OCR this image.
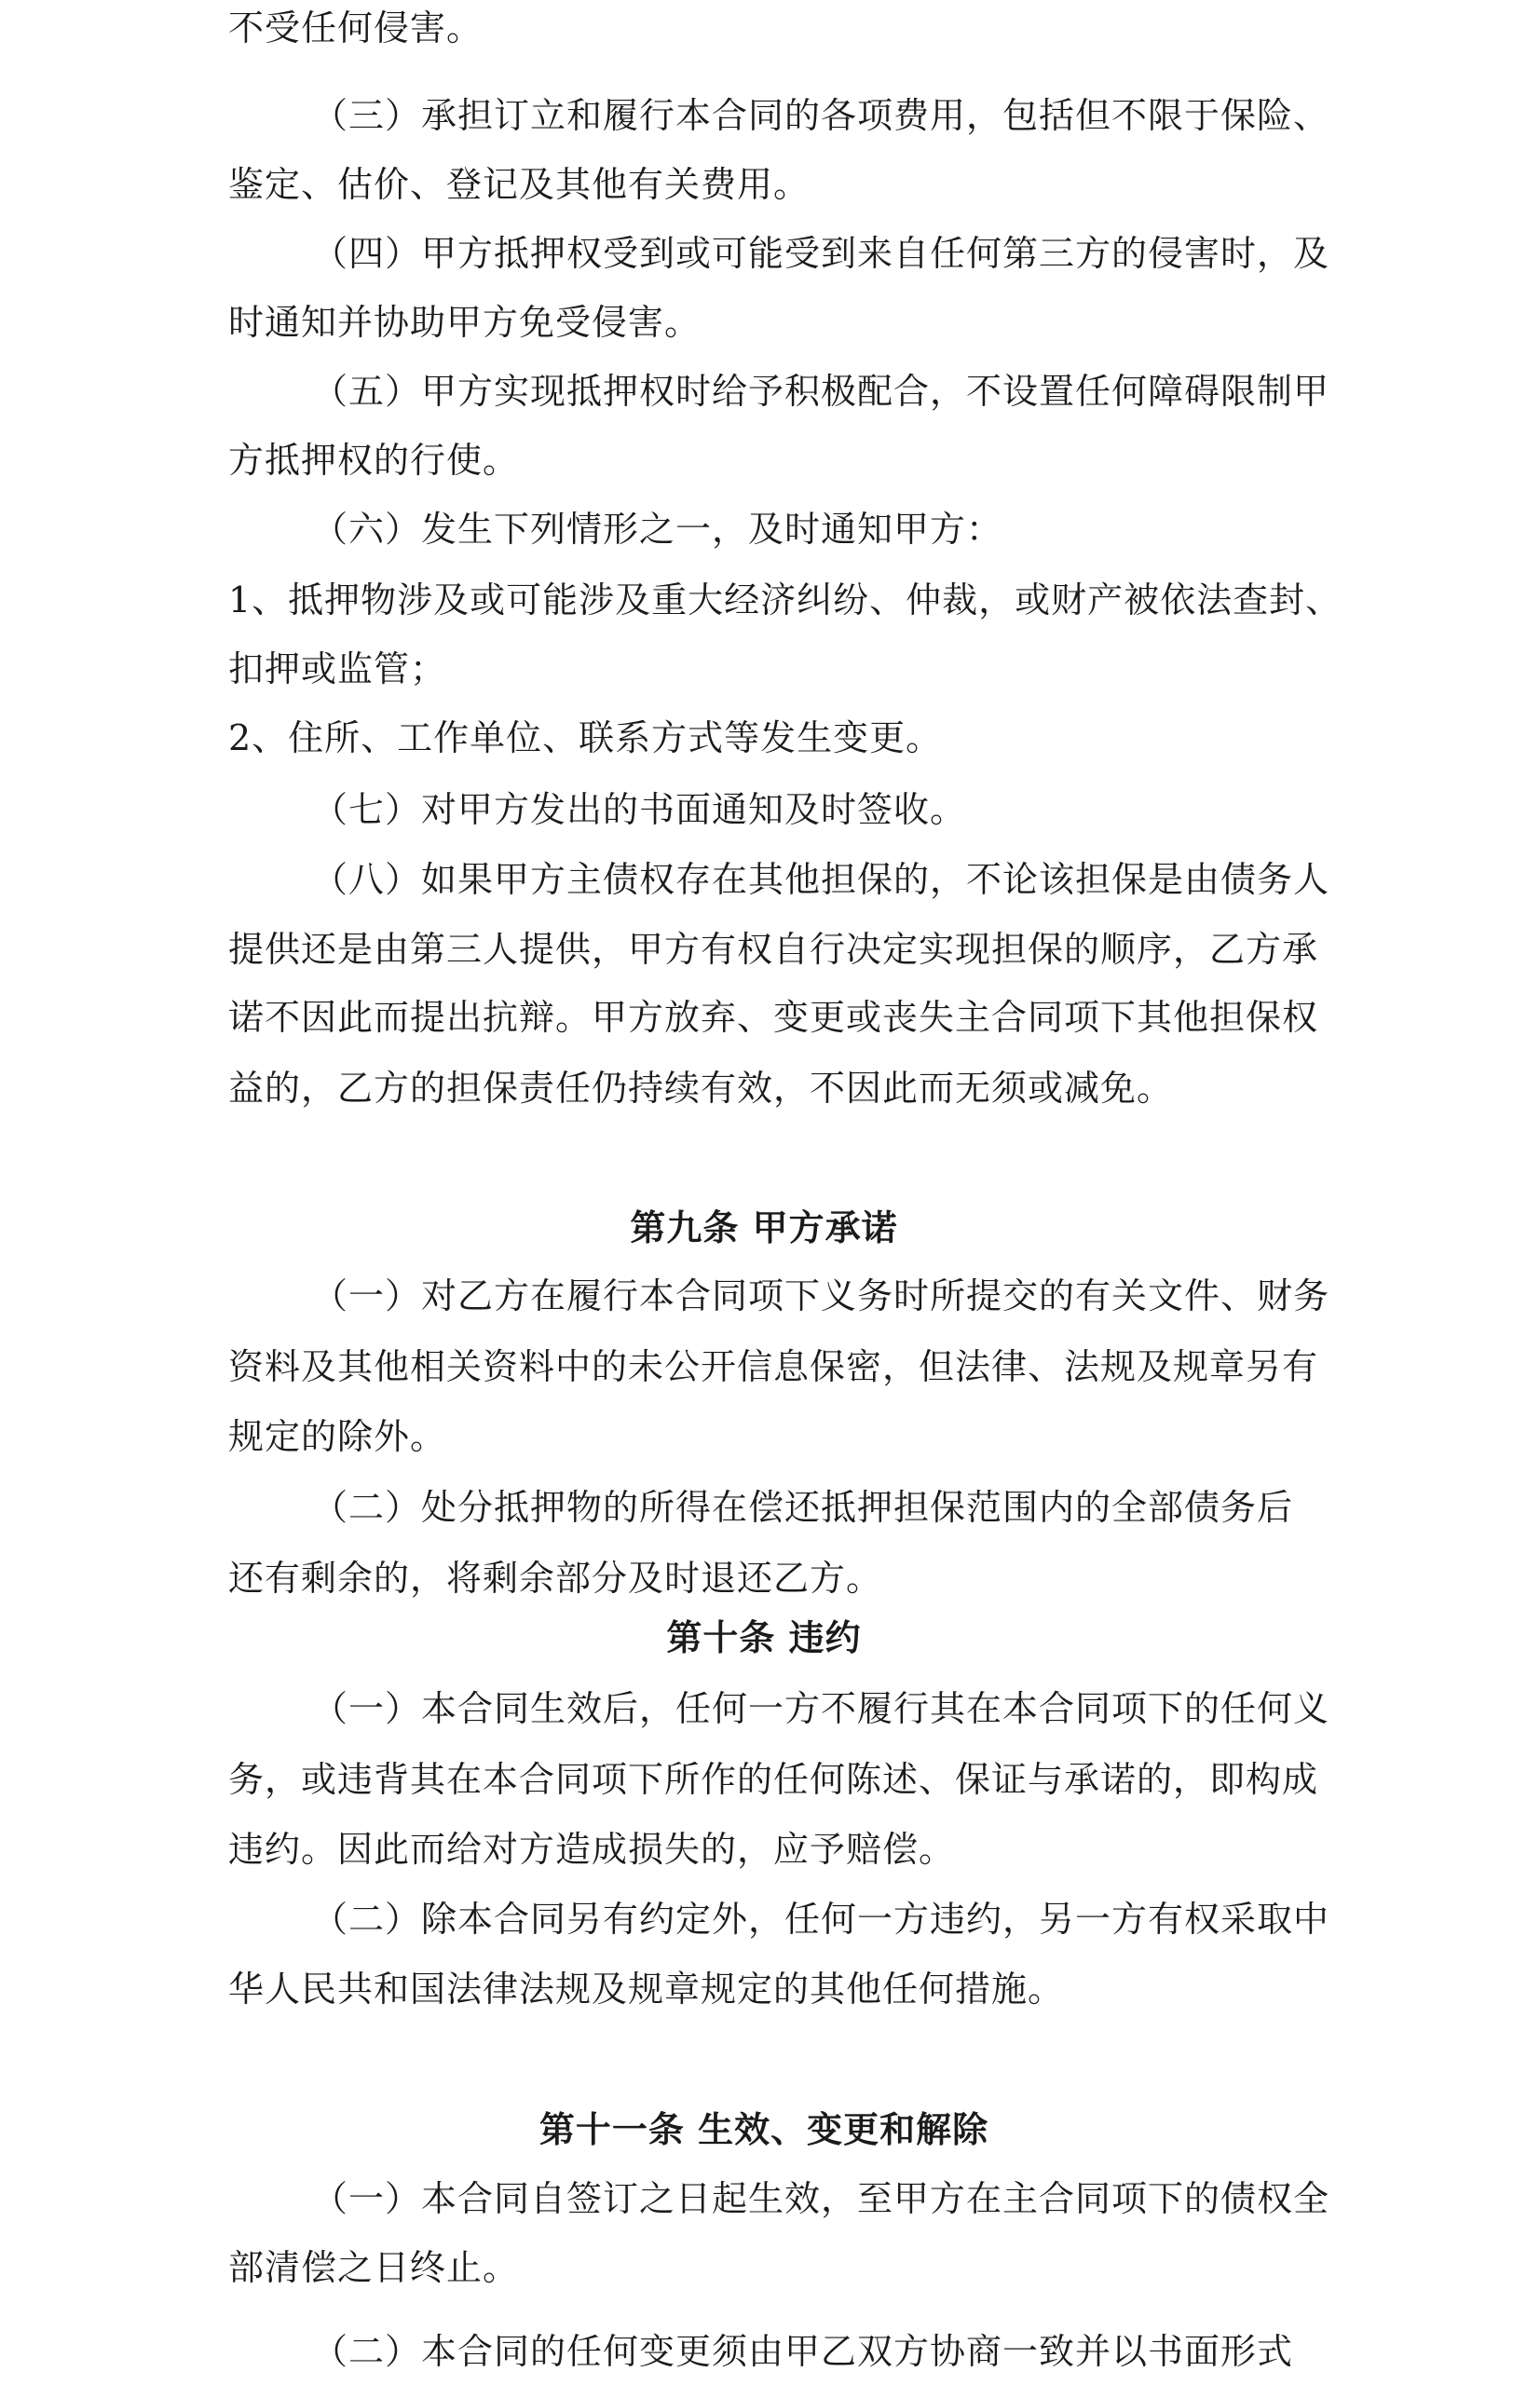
不受任何侵害。
（三）承担订立和履行本合同的各项费用，包括但不限于保险、
鉴定、估价、登记及其他有关费用。
（四）甲方抵押权受到或可能受到来自任何第三方的侵害时，及
时通知并协助甲方免受侵害。
（五）甲方实现抵押权时给予积极配合，不设置任何障碍限制甲
方抵押权的行使。
（六）发生下列情形之一，及时通知甲方：
1、抵押物涉及或可能涉及重大经济纠纷、仲裁，或财产被依法查封、
扣押或监管；
2、住所、工作单位、联系方式等发生变更。
（七）对甲方发出的书面通知及时签收。
（八）如果甲方主债权存在其他担保的，不论该担保是由债务人
提供还是由第三人提供，甲方有权自行决定实现担保的顺序，乙方承
诺不因此而提出抗辩。甲方放弃、变更或丧失主合同项下其他担保权
益的，乙方的担保责任仍持续有效，不因此而无须或减免。
第九条 甲方承诺
（一）对乙方在履行本合同项下义务时所提交的有关文件、财务
资料及其他相关资料中的未公开信息保密，但法律、法规及规章另有
规定的除外。
（二）处分抵押物的所得在偿还抵押担保范围内的全部债务后
还有剩余的，将剩余部分及时退还乙方。
第十条 违约
（一）本合同生效后，任何一方不履行其在本合同项下的任何义
务，或违背其在本合同项下所作的任何陈述、保证与承诺的，即构成
违约。因此而给对方造成损失的，应予赔偿。
（二）除本合同另有约定外，任何一方违约，另一方有权采取中
华人民共和国法律法规及规章规定的其他任何措施。
第十一条 生效、变更和解除
（一）本合同自签订之日起生效，至甲方在主合同项下的债权全
部清偿之日终止。
（二）本合同的任何变更须由甲乙双方协商一致并以书面形式
